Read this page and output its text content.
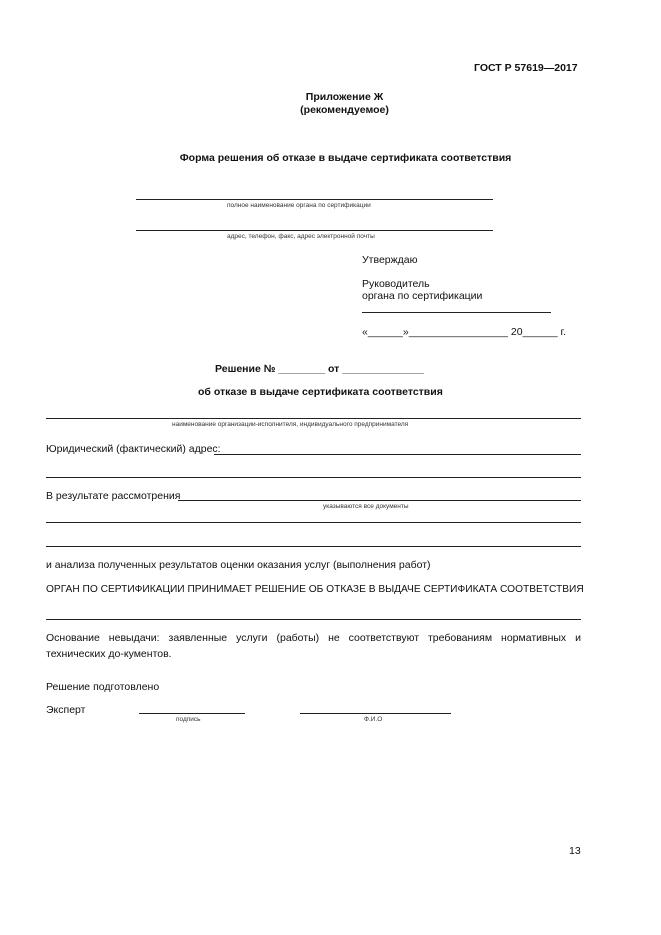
ГОСТ Р 57619—2017
Приложение Ж
(рекомендуемое)
Форма решения об отказе в выдаче сертификата соответствия
полное наименование органа по сертификации
адрес, телефон, факс, адрес электронной почты
Утверждаю
Руководитель
органа по сертификации
«______»_________________ 20______ г.
Решение № ________ от ______________
об отказе в выдаче сертификата соответствия
наименование организации-исполнителя, индивидуального предпринимателя
Юридический (фактический) адрес:
В результате рассмотрения
указываются все документы
и анализа полученных результатов оценки оказания услуг (выполнения работ)
ОРГАН ПО СЕРТИФИКАЦИИ ПРИНИМАЕТ РЕШЕНИЕ ОБ ОТКАЗЕ В ВЫДАЧЕ СЕРТИФИКАТА СООТВЕТСТВИЯ
Основание невыдачи: заявленные услуги (работы) не соответствуют требованиям нормативных и технических до-кументов.
Решение подготовлено
Эксперт
подпись	Ф.И.О
13
